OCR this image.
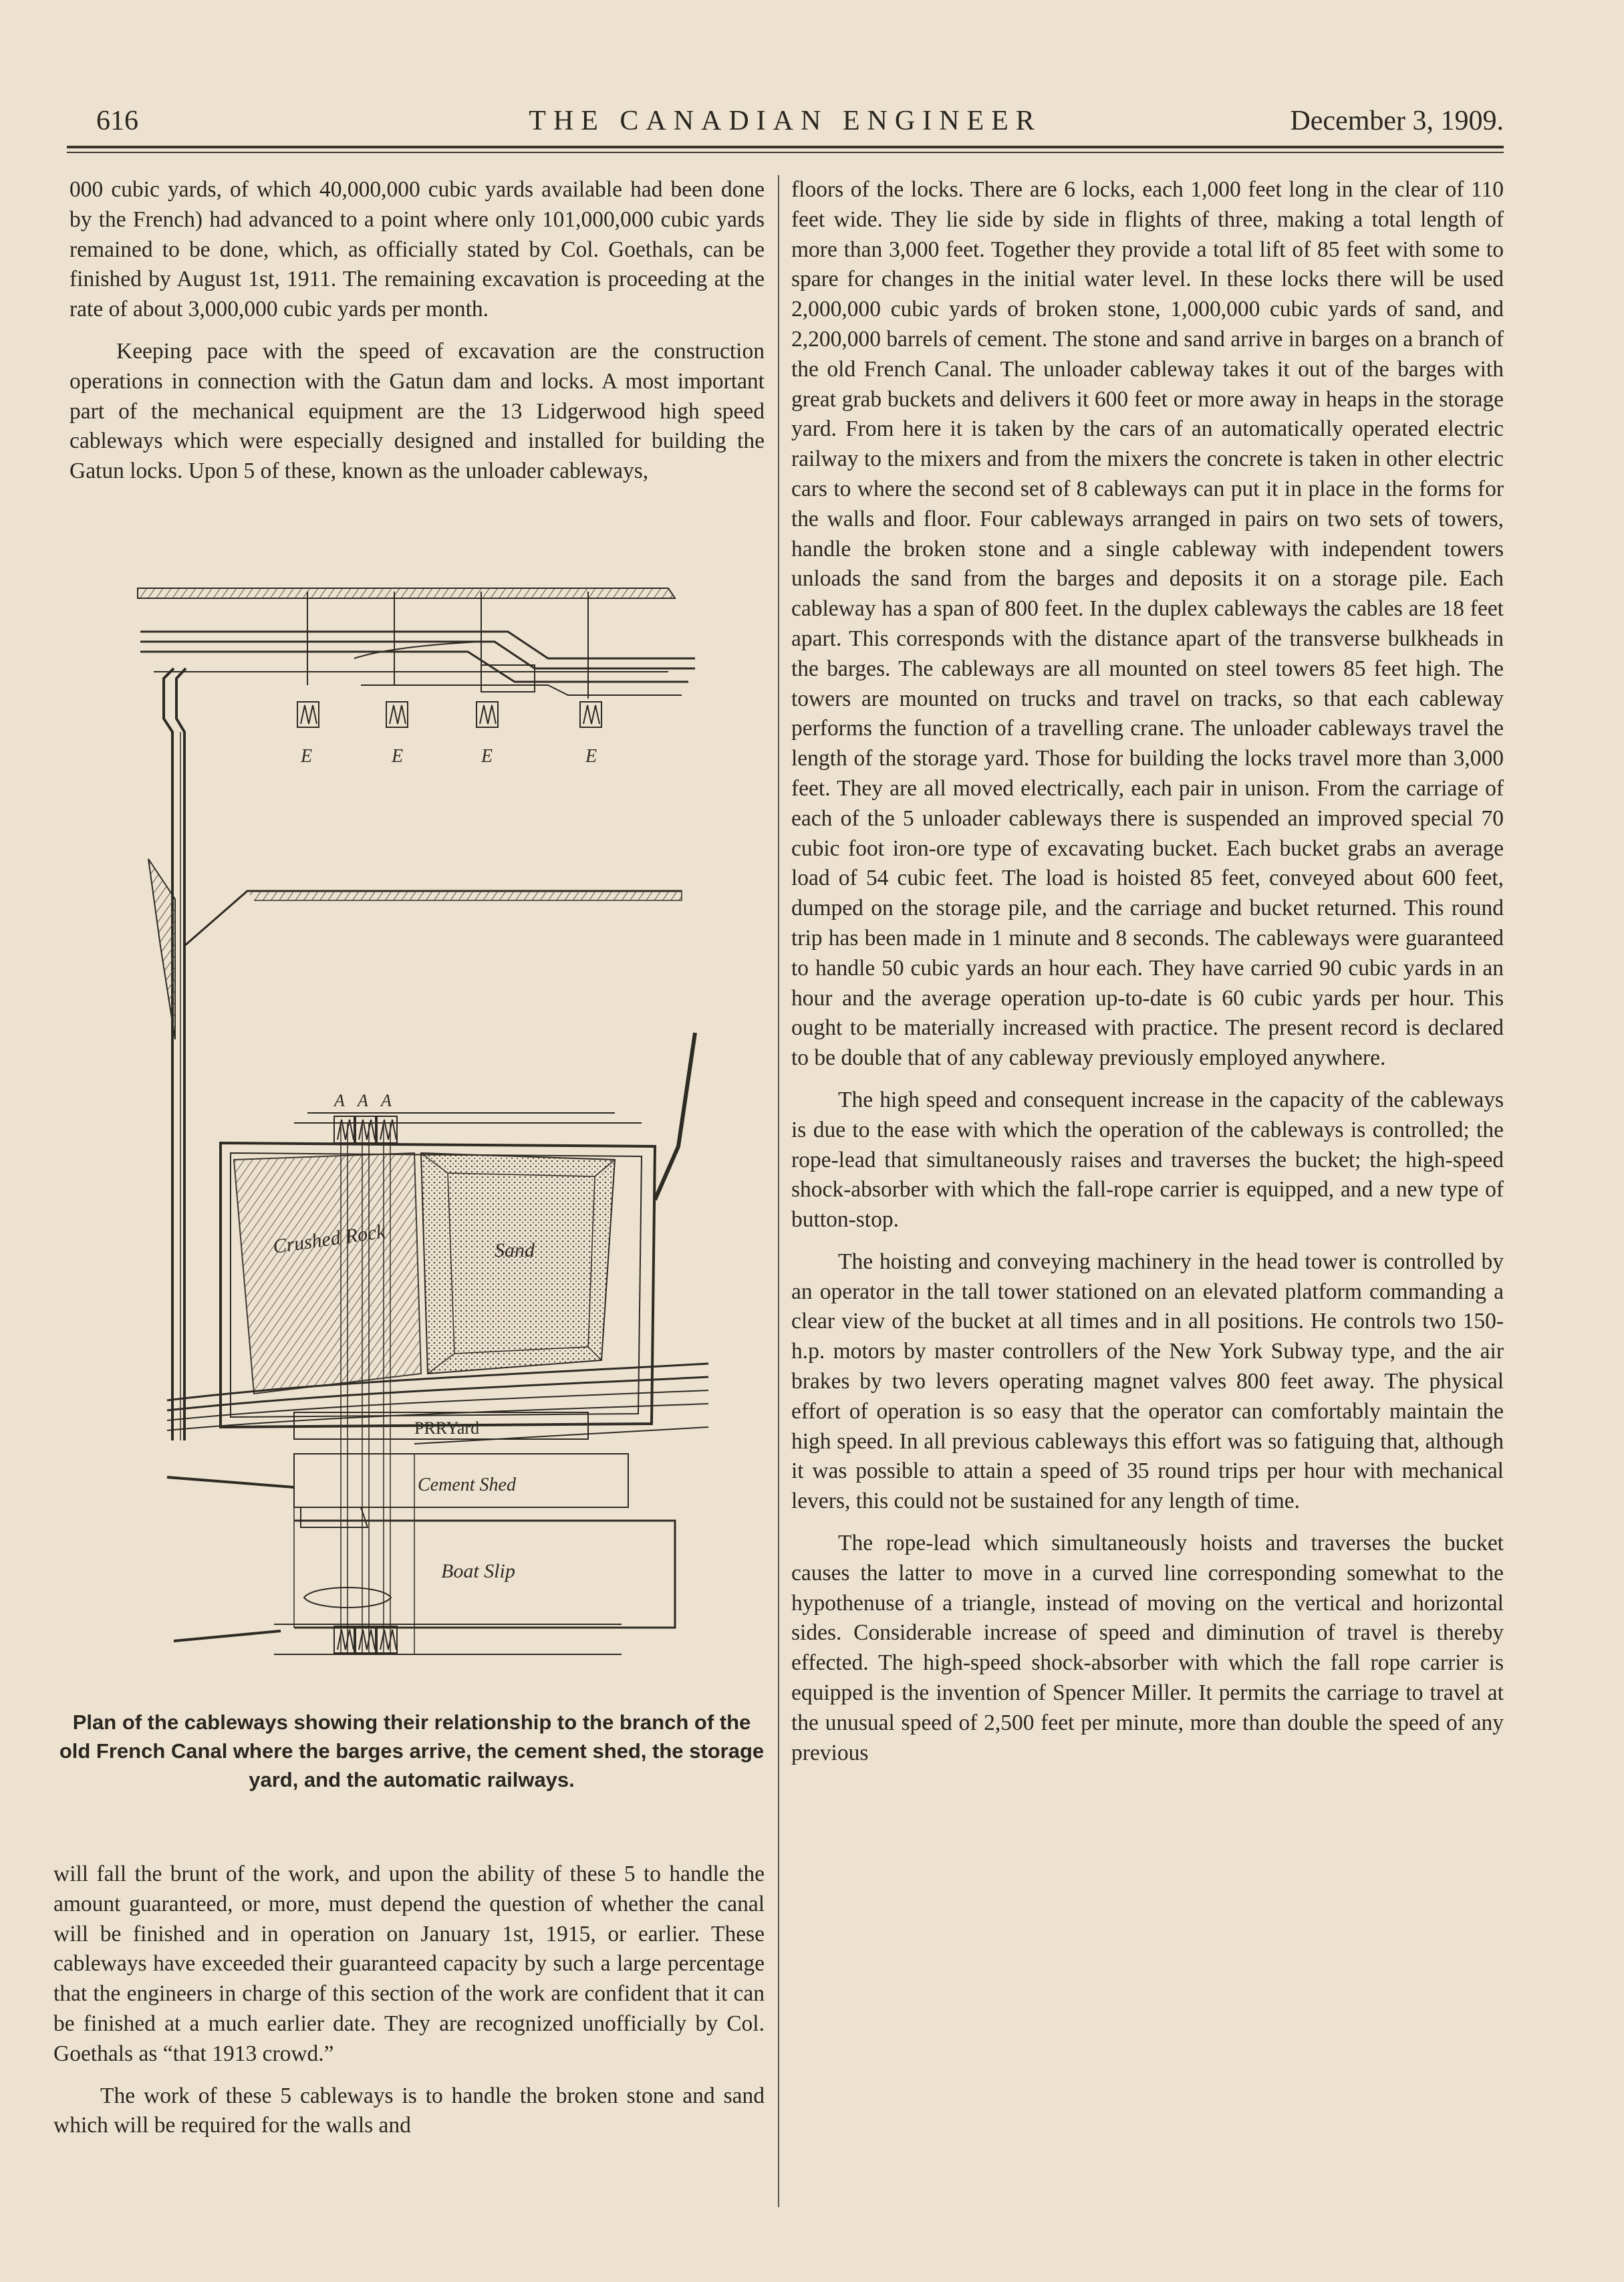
616	THE CANADIAN ENGINEER	December 3, 1909.

000 cubic yards, of which 40,000,000 cubic yards available had been done by the French) had advanced to a point where only 101,000,000 cubic yards remained to be done, which, as officially stated by Col. Goethals, can be finished by August 1st, 1911. The remaining excavation is proceeding at the rate of about 3,000,000 cubic yards per month.

Keeping pace with the speed of excavation are the construction operations in connection with the Gatun dam and locks. A most important part of the mechanical equipment are the 13 Lidgerwood high speed cableways which were especially designed and installed for building the Gatun locks. Upon 5 of these, known as the unloader cableways,

E	E	E	E
A A A
Crushed Rock	Sand
PRRYard
Cement Shed
Boat Slip
Plan of the cableways showing their relationship to the branch of the old French Canal where the barges arrive, the cement shed, the storage yard, and the automatic railways.

will fall the brunt of the work, and upon the ability of these 5 to handle the amount guaranteed, or more, must depend the question of whether the canal will be finished and in operation on January 1st, 1915, or earlier. These cableways have exceeded their guaranteed capacity by such a large percentage that the engineers in charge of this section of the work are confident that it can be finished at a much earlier date. They are recognized unofficially by Col. Goethals as “that 1913 crowd.”

The work of these 5 cableways is to handle the broken stone and sand which will be required for the walls and

floors of the locks. There are 6 locks, each 1,000 feet long in the clear of 110 feet wide. They lie side by side in flights of three, making a total length of more than 3,000 feet. Together they provide a total lift of 85 feet with some to spare for changes in the initial water level. In these locks there will be used 2,000,000 cubic yards of broken stone, 1,000,000 cubic yards of sand, and 2,200,000 barrels of cement. The stone and sand arrive in barges on a branch of the old French Canal. The unloader cableway takes it out of the barges with great grab buckets and delivers it 600 feet or more away in heaps in the storage yard. From here it is taken by the cars of an automatically operated electric railway to the mixers and from the mixers the concrete is taken in other electric cars to where the second set of 8 cableways can put it in place in the forms for the walls and floor. Four cableways arranged in pairs on two sets of towers, handle the broken stone and a single cableway with independent towers unloads the sand from the barges and deposits it on a storage pile. Each cableway has a span of 800 feet. In the duplex cableways the cables are 18 feet apart. This corresponds with the distance apart of the transverse bulkheads in the barges. The cableways are all mounted on steel towers 85 feet high. The towers are mounted on trucks and travel on tracks, so that each cableway performs the function of a travelling crane. The unloader cableways travel the length of the storage yard. Those for building the locks travel more than 3,000 feet. They are all moved electrically, each pair in unison. From the carriage of each of the 5 unloader cableways there is suspended an improved special 70 cubic foot iron-ore type of excavating bucket. Each bucket grabs an average load of 54 cubic feet. The load is hoisted 85 feet, conveyed about 600 feet, dumped on the storage pile, and the carriage and bucket returned. This round trip has been made in 1 minute and 8 seconds. The cableways were guaranteed to handle 50 cubic yards an hour each. They have carried 90 cubic yards in an hour and the average operation up-to-date is 60 cubic yards per hour. This ought to be materially increased with practice. The present record is declared to be double that of any cableway previously employed anywhere.

The high speed and consequent increase in the capacity of the cableways is due to the ease with which the operation of the cableways is controlled; the rope-lead that simultaneously raises and traverses the bucket; the high-speed shock-absorber with which the fall-rope carrier is equipped, and a new type of button-stop.

The hoisting and conveying machinery in the head tower is controlled by an operator in the tall tower stationed on an elevated platform commanding a clear view of the bucket at all times and in all positions. He controls two 150-h.p. motors by master controllers of the New York Subway type, and the air brakes by two levers operating magnet valves 800 feet away. The physical effort of operation is so easy that the operator can comfortably maintain the high speed. In all previous cableways this effort was so fatiguing that, although it was possible to attain a speed of 35 round trips per hour with mechanical levers, this could not be sustained for any length of time.

The rope-lead which simultaneously hoists and traverses the bucket causes the latter to move in a curved line corresponding somewhat to the hypothenuse of a triangle, instead of moving on the vertical and horizontal sides. Considerable increase of speed and diminution of travel is thereby effected. The high-speed shock-absorber with which the fall rope carrier is equipped is the invention of Spencer Miller. It permits the carriage to travel at the unusual speed of 2,500 feet per minute, more than double the speed of any previous
